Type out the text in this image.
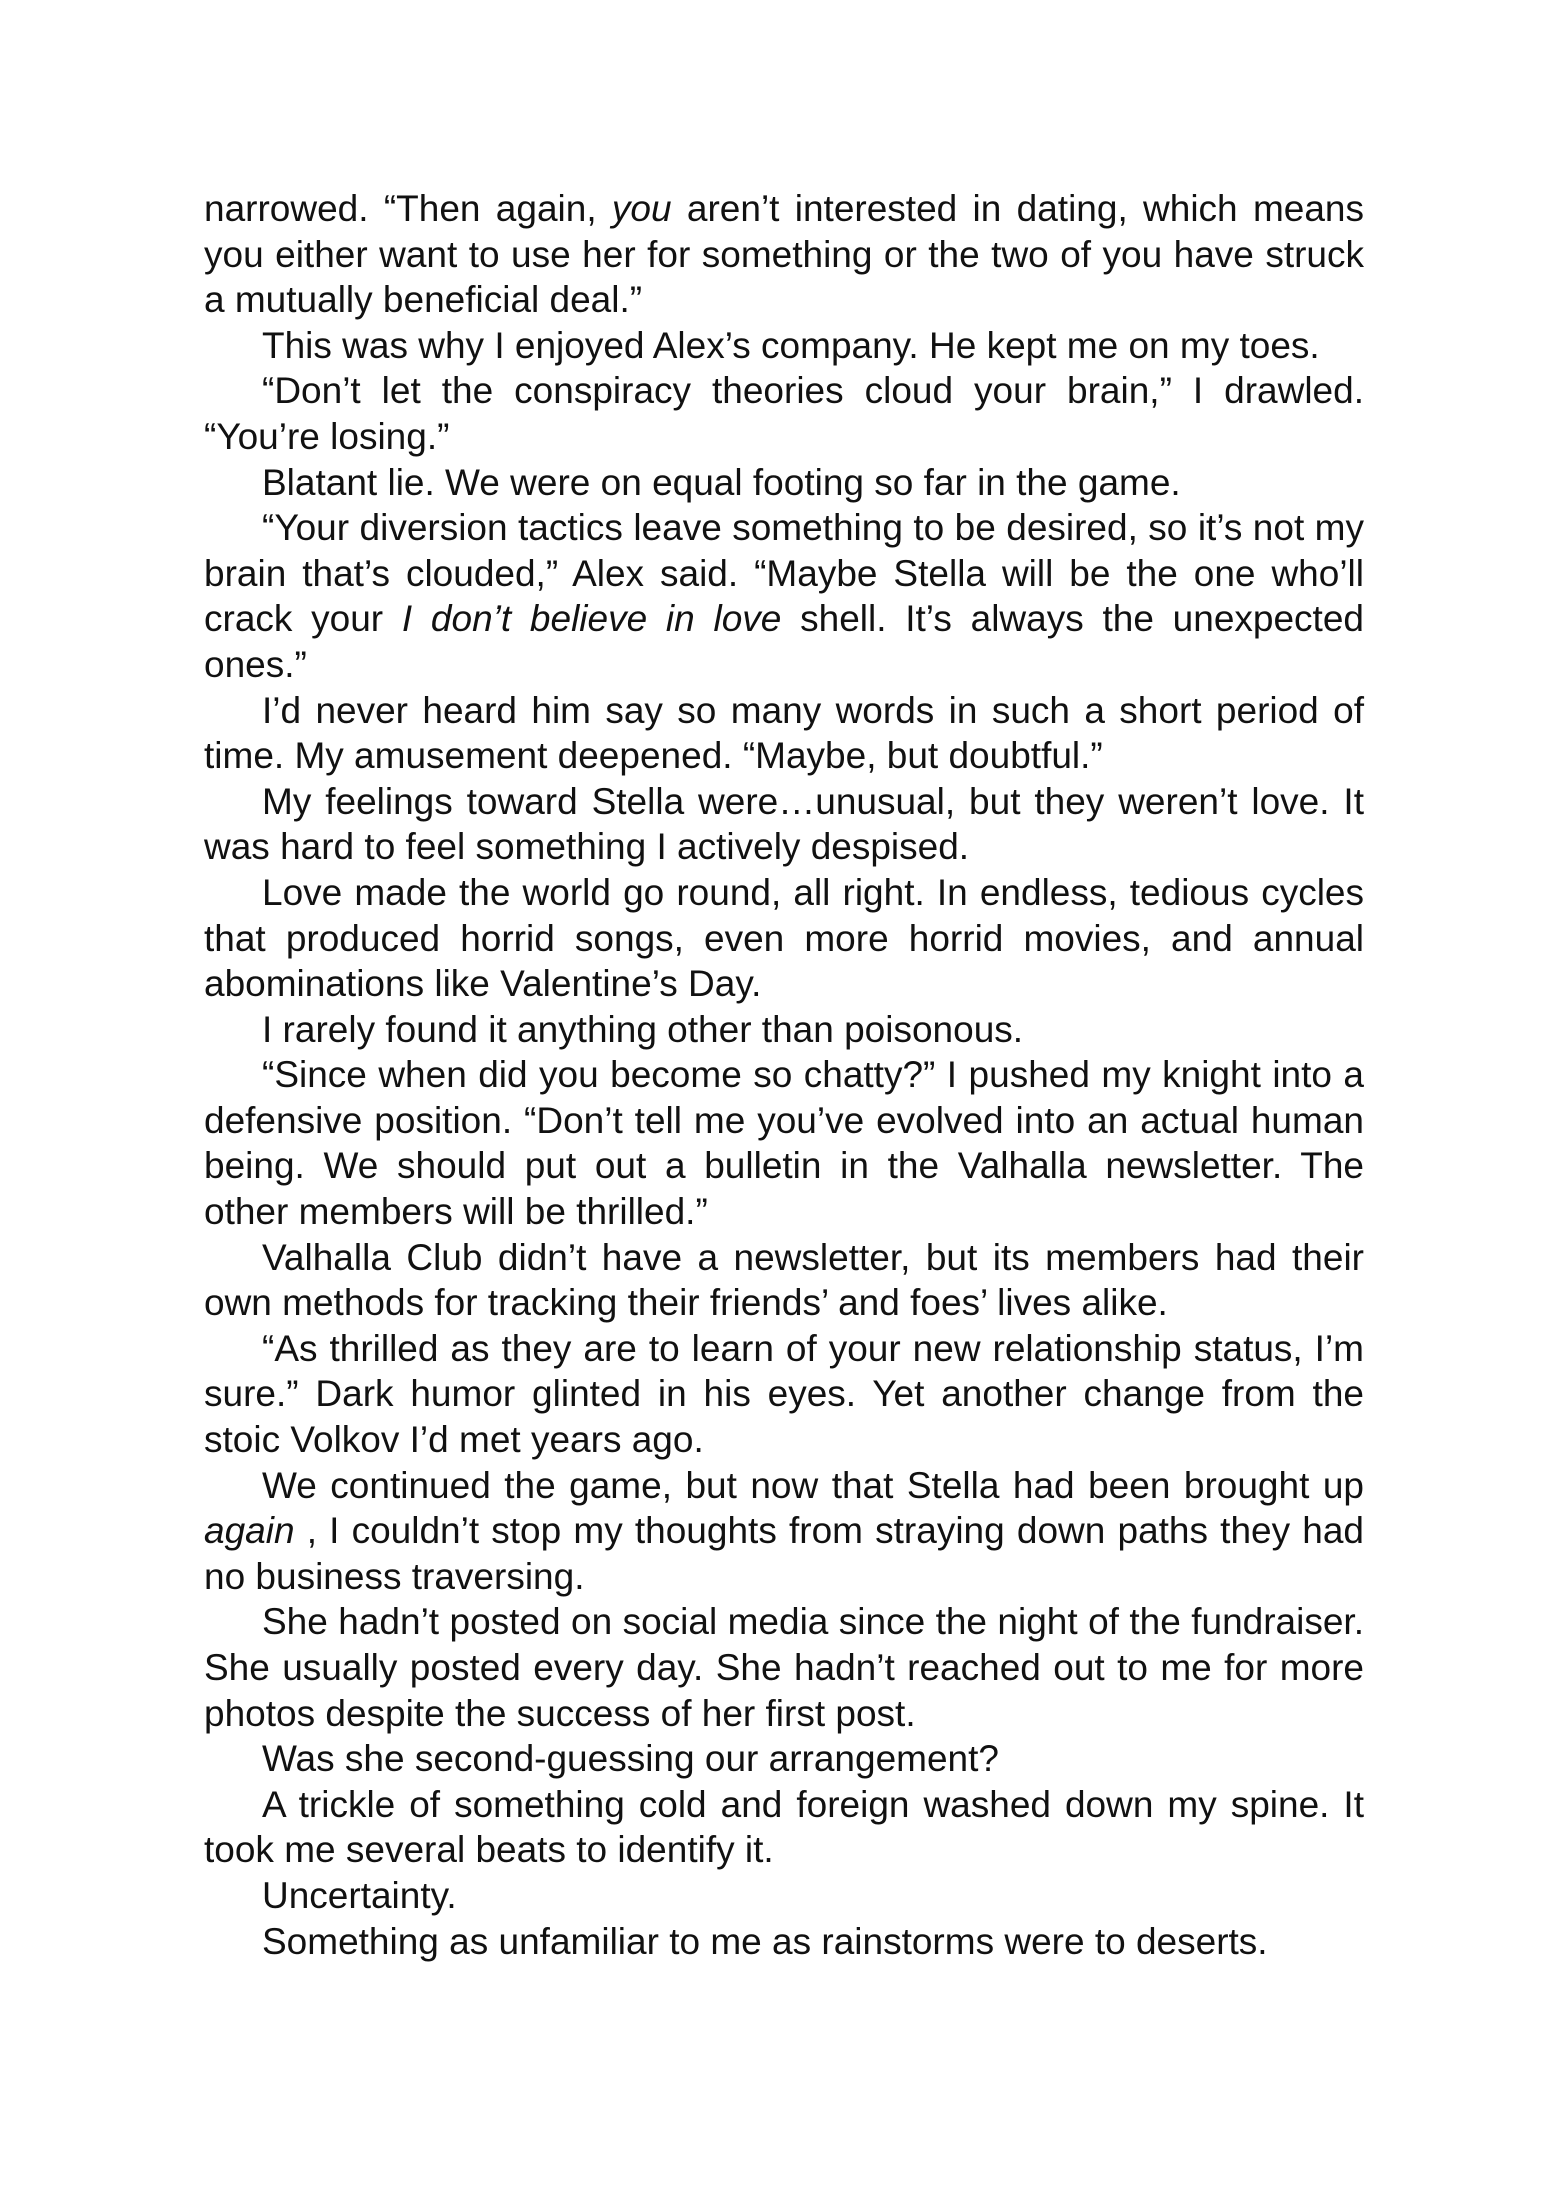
narrowed. “Then again, you aren’t interested in dating, which means you either want to use her for something or the two of you have struck a mutually beneficial deal.”

This was why I enjoyed Alex’s company. He kept me on my toes.

“Don’t let the conspiracy theories cloud your brain,” I drawled. “You’re losing.”

Blatant lie. We were on equal footing so far in the game.

“Your diversion tactics leave something to be desired, so it’s not my brain that’s clouded,” Alex said. “Maybe Stella will be the one who’ll crack your I don’t believe in love shell. It’s always the unexpected ones.”

I’d never heard him say so many words in such a short period of time. My amusement deepened. “Maybe, but doubtful.”

My feelings toward Stella were…unusual, but they weren’t love. It was hard to feel something I actively despised.

Love made the world go round, all right. In endless, tedious cycles that produced horrid songs, even more horrid movies, and annual abominations like Valentine’s Day.

I rarely found it anything other than poisonous.

“Since when did you become so chatty?” I pushed my knight into a defensive position. “Don’t tell me you’ve evolved into an actual human being. We should put out a bulletin in the Valhalla newsletter. The other members will be thrilled.”

Valhalla Club didn’t have a newsletter, but its members had their own methods for tracking their friends’ and foes’ lives alike.

“As thrilled as they are to learn of your new relationship status, I’m sure.” Dark humor glinted in his eyes. Yet another change from the stoic Volkov I’d met years ago.

We continued the game, but now that Stella had been brought up again , I couldn’t stop my thoughts from straying down paths they had no business traversing.

She hadn’t posted on social media since the night of the fundraiser. She usually posted every day. She hadn’t reached out to me for more photos despite the success of her first post.

Was she second-guessing our arrangement?

A trickle of something cold and foreign washed down my spine. It took me several beats to identify it.

Uncertainty.

Something as unfamiliar to me as rainstorms were to deserts.
